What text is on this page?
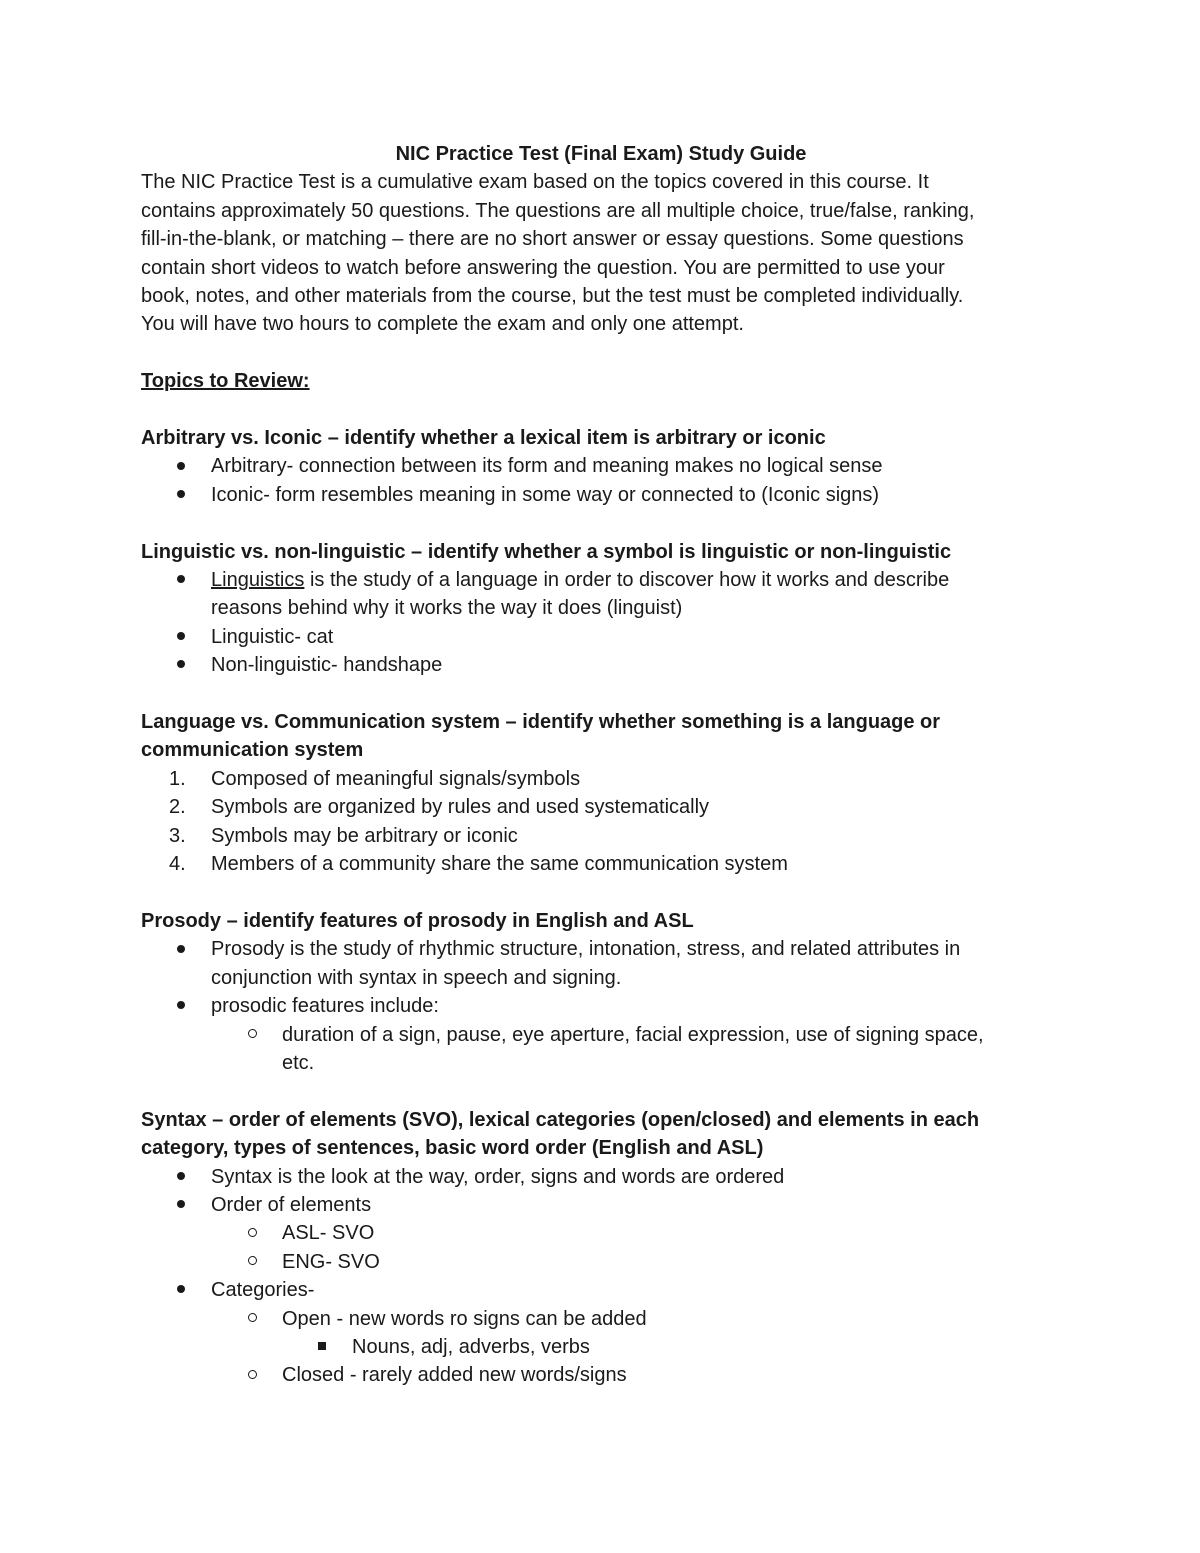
NIC Practice Test (Final Exam) Study Guide
The NIC Practice Test is a cumulative exam based on the topics covered in this course. It
contains approximately 50 questions. The questions are all multiple choice, true/false, ranking,
fill-in-the-blank, or matching – there are no short answer or essay questions. Some questions
contain short videos to watch before answering the question. You are permitted to use your
book, notes, and other materials from the course, but the test must be completed individually.
You will have two hours to complete the exam and only one attempt.
Topics to Review:
Arbitrary vs. Iconic – identify whether a lexical item is arbitrary or iconic
Arbitrary- connection between its form and meaning makes no logical sense
Iconic- form resembles meaning in some way or connected to (Iconic signs)
Linguistic vs. non-linguistic – identify whether a symbol is linguistic or non-linguistic
Linguistics is the study of a language in order to discover how it works and describe
reasons behind why it works the way it does (linguist)
Linguistic- cat
Non-linguistic- handshape
Language vs. Communication system – identify whether something is a language or
communication system
1.	Composed of meaningful signals/symbols
2.	Symbols are organized by rules and used systematically
3.	Symbols may be arbitrary or iconic
4.	Members of a community share the same communication system
Prosody – identify features of prosody in English and ASL
Prosody is the study of rhythmic structure, intonation, stress, and related attributes in
conjunction with syntax in speech and signing.
prosodic features include:
duration of a sign, pause, eye aperture, facial expression, use of signing space,
etc.
Syntax – order of elements (SVO), lexical categories (open/closed) and elements in each
category, types of sentences, basic word order (English and ASL)
Syntax is the look at the way, order, signs and words are ordered
Order of elements
ASL- SVO
ENG- SVO
Categories-
Open - new words ro signs can be added
Nouns, adj, adverbs, verbs
Closed - rarely added new words/signs
